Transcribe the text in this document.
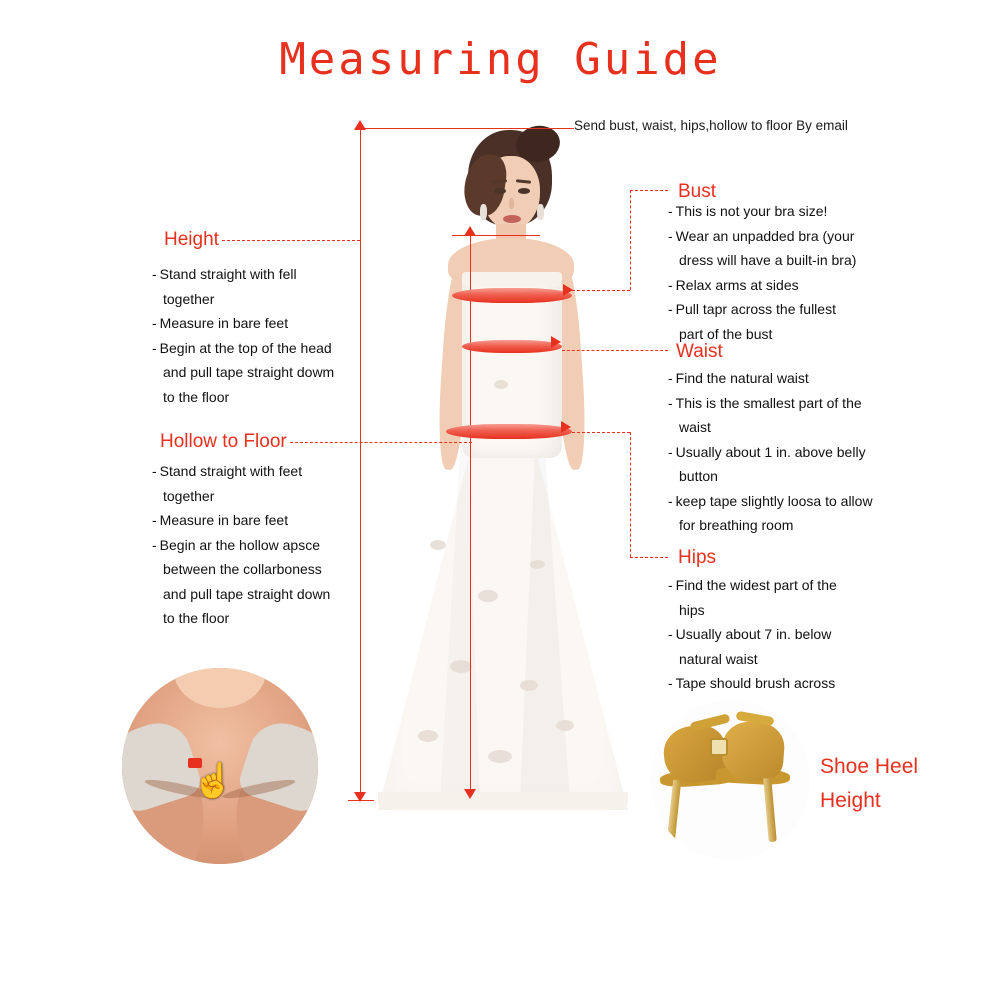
Measuring Guide
Send bust, waist, hips,hollow to floor By email
Height
- Stand straight with fell
together
- Measure in bare feet
- Begin at the top of the head
and pull tape straight dowm
to the floor
Hollow to Floor
- Stand straight with feet
together
- Measure in bare feet
- Begin ar the hollow apsce
between the collarboness
and pull tape straight down
to the floor
Bust
- This is not your bra size!
- Wear an unpadded bra (your
dress will have a built-in bra)
- Relax arms at sides
- Pull tapr across the fullest
part of the bust
Waist
- Find the natural waist
- This is the smallest part of the
waist
- Usually about 1 in. above belly
button
- keep tape slightly loosa to allow
for breathing room
Hips
- Find the widest part of the
hips
- Usually about 7 in. below
natural waist
- Tape should brush across
☝	Shoe Heel
Height
